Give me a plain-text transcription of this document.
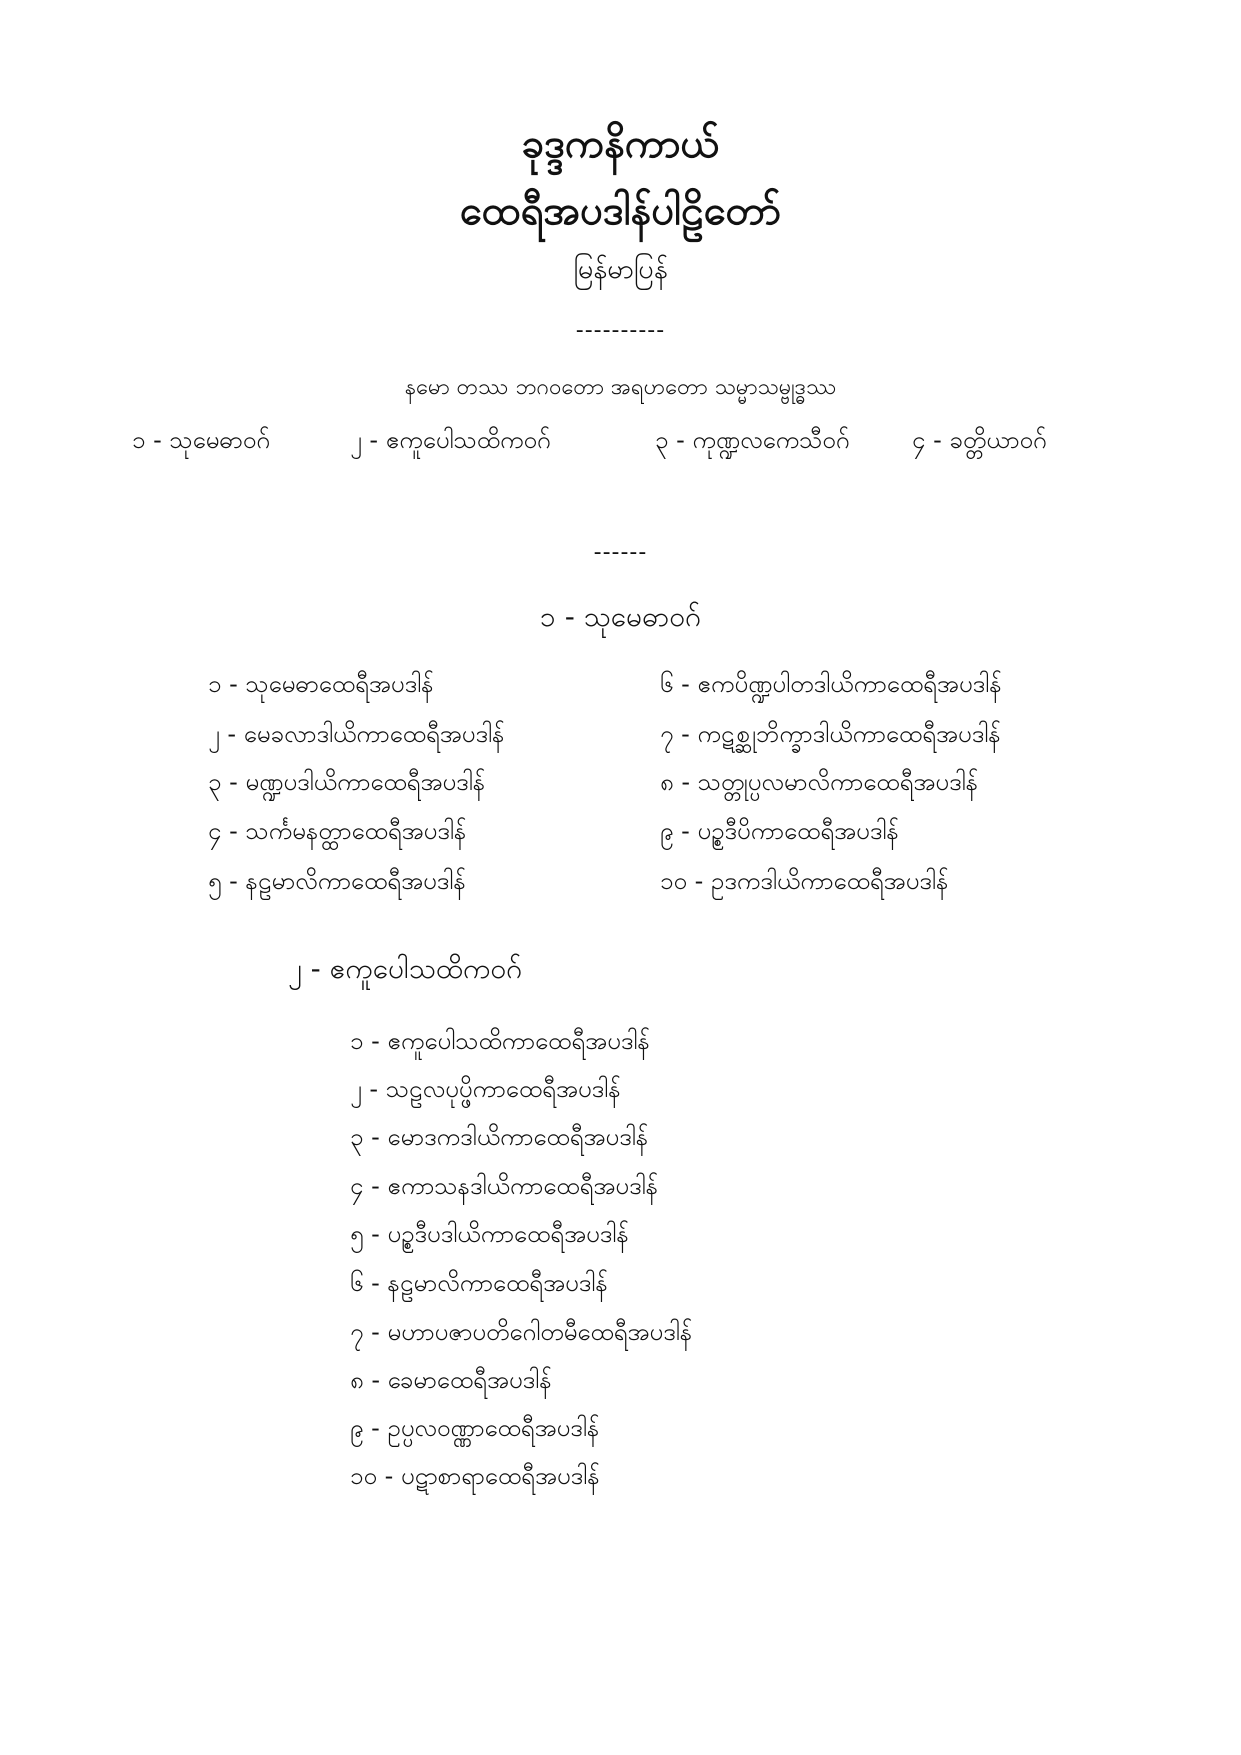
ခုဒ္ဒကနိကာယ်
ထေရီအပဒါန်ပါဠိတော်
မြန်မာပြန်
----------
နမော တဿ ဘဂဝတော အရဟတော သမ္မာသမ္ဗုဒ္ဓဿ
၁ - သုမေဓာဝဂ်	၂ - ဧကူပေါသထိကဝဂ်	၃ - ကုဏ္ဍလကေသီဝဂ်	၄ - ခတ္တိယာဝဂ်
------
၁ - သုမေဓာဝဂ်
၁ - သုမေဓာထေရီအပဒါန်
၂ - မေခလာဒါယိကာထေရီအပဒါန်
၃ - မဏ္ဍပဒါယိကာထေရီအပဒါန်
၄ - သင်္ကမနတ္ထာထေရီအပဒါန်
၅ - နဠမာလိကာထေရီအပဒါန်
၆ - ဧကပိဏ္ဍပါတဒါယိကာထေရီအပဒါန်
၇ - ကဋစ္ဆုဘိက္ခာဒါယိကာထေရီအပဒါန်
၈ - သတ္တုပ္ပလမာလိကာထေရီအပဒါန်
၉ - ပဉ္စဒီပိကာထေရီအပဒါန်
၁၀ - ဥဒကဒါယိကာထေရီအပဒါန်
၂ - ဧကူပေါသထိကဝဂ်
၁ - ဧကူပေါသထိကာထေရီအပဒါန်
၂ - သဠလပုပ္ဖိကာထေရီအပဒါန်
၃ - မောဒကဒါယိကာထေရီအပဒါန်
၄ - ဧကာသနဒါယိကာထေရီအပဒါန်
၅ - ပဉ္စဒီပဒါယိကာထေရီအပဒါန်
၆ - နဠမာလိကာထေရီအပဒါန်
၇ - မဟာပဇာပတိဂေါတမီထေရီအပဒါန်
၈ - ခေမာထေရီအပဒါန်
၉ - ဥပ္ပလဝဏ္ဏာထေရီအပဒါန်
၁၀ - ပဋာစာရာထေရီအပဒါန်
